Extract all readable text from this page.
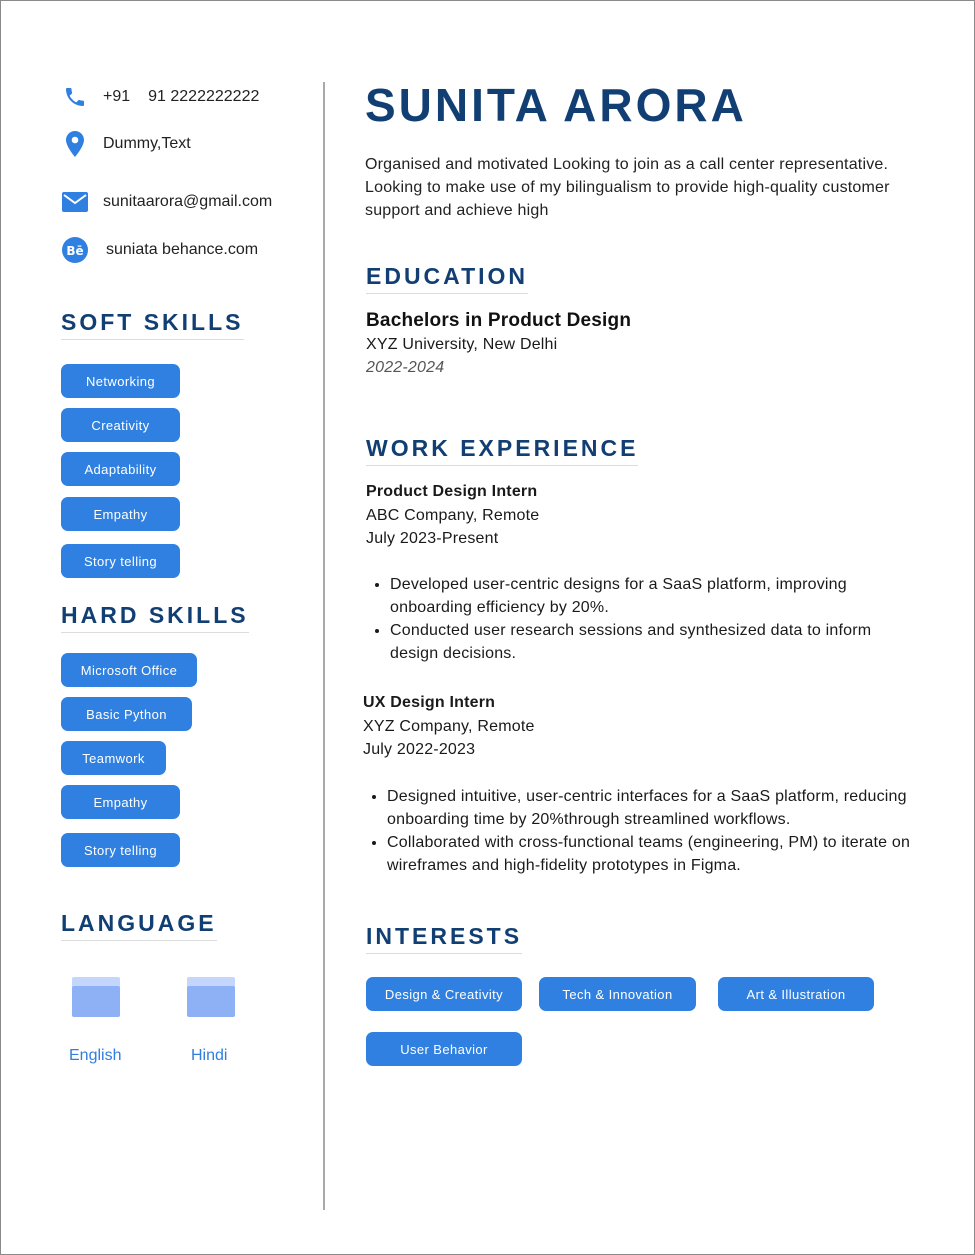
+91 91 2222222222
Dummy,Text
sunitaarora@gmail.com
Bē suniata behance.com
SOFT SKILLS
Networking
Creativity
Adaptability
Empathy
Story telling
HARD SKILLS
Microsoft Office
Basic Python
Teamwork
Empathy
Story telling
LANGUAGE
English	Hindi
SUNITA ARORA
Organised and motivated Looking to join as a call center representative. Looking to make use of my bilingualism to provide high-quality customer support and achieve high
EDUCATION
Bachelors in Product Design
XYZ University, New Delhi
2022-2024
WORK EXPERIENCE
Product Design Intern
ABC Company, Remote
July 2023-Present
• Developed user-centric designs for a SaaS platform, improving onboarding efficiency by 20%.
• Conducted user research sessions and synthesized data to inform design decisions.
UX Design Intern
XYZ Company, Remote
July 2022-2023
• Designed intuitive, user-centric interfaces for a SaaS platform, reducing onboarding time by 20%through streamlined workflows.
• Collaborated with cross-functional teams (engineering, PM) to iterate on wireframes and high-fidelity prototypes in Figma.
INTERESTS
Design & Creativity	Tech & Innovation	Art & Illustration
User Behavior
